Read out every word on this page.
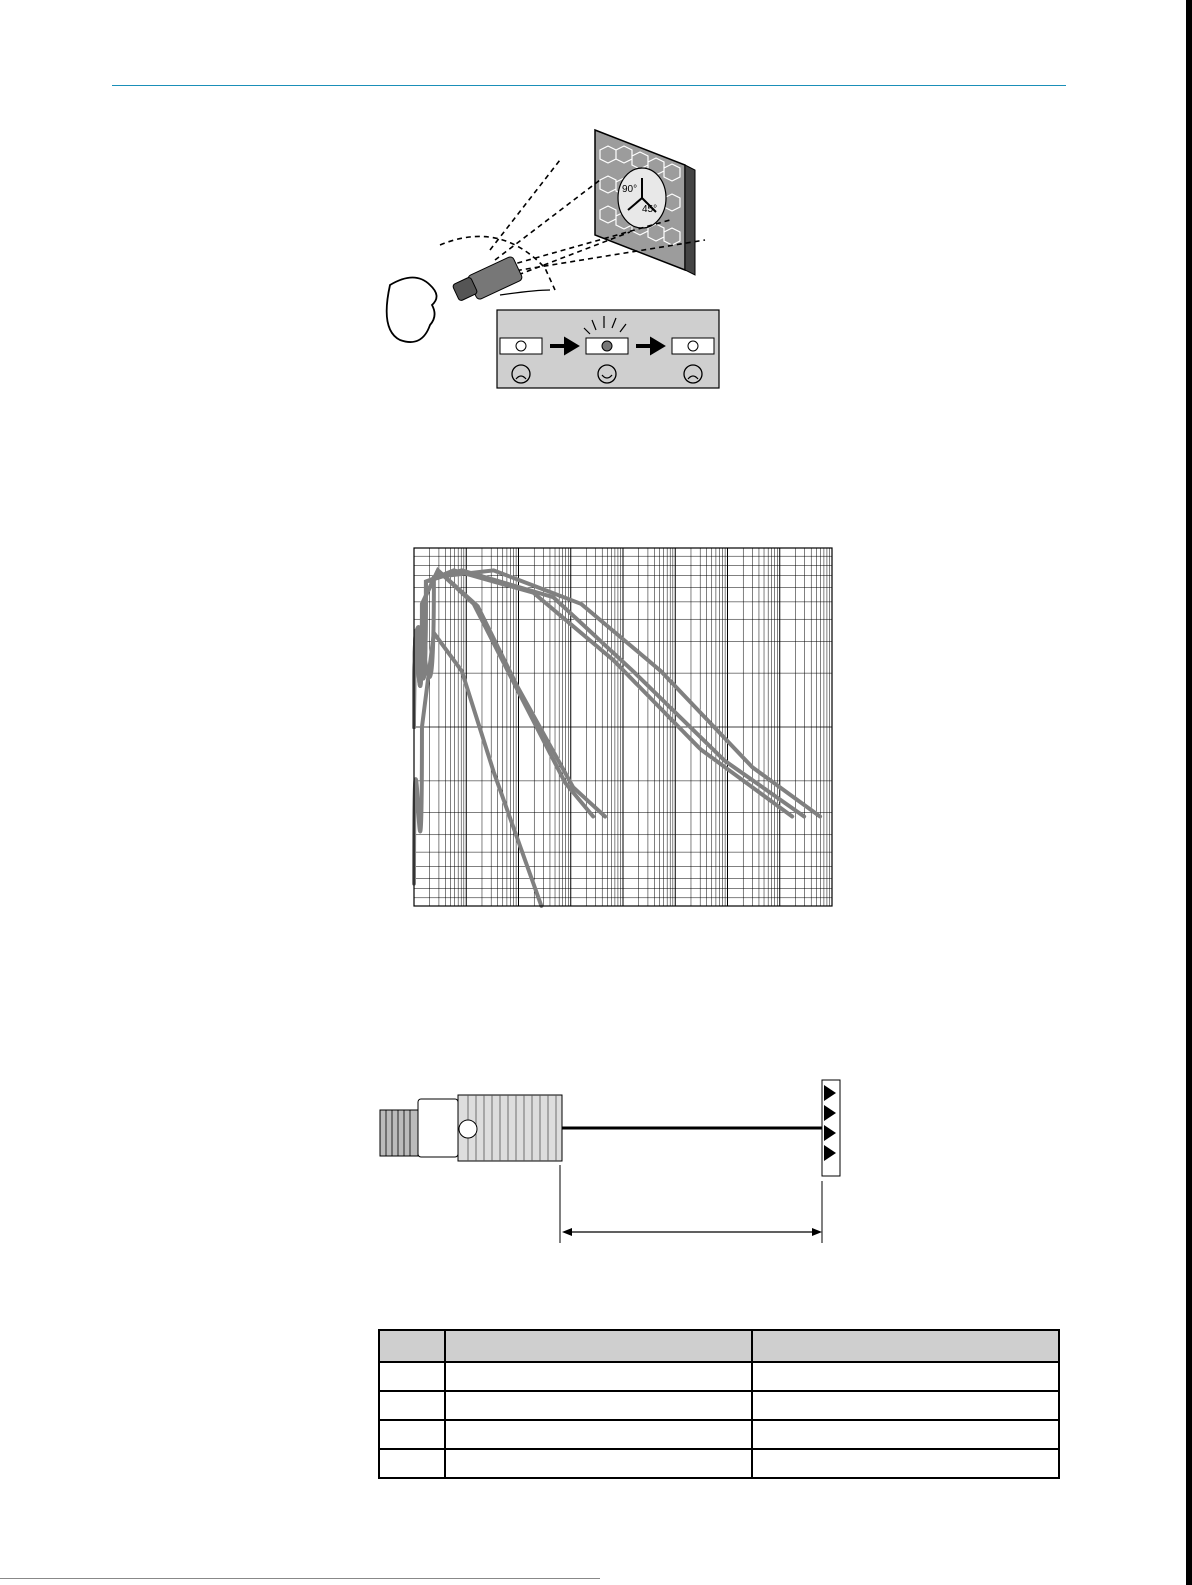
90°
45°
